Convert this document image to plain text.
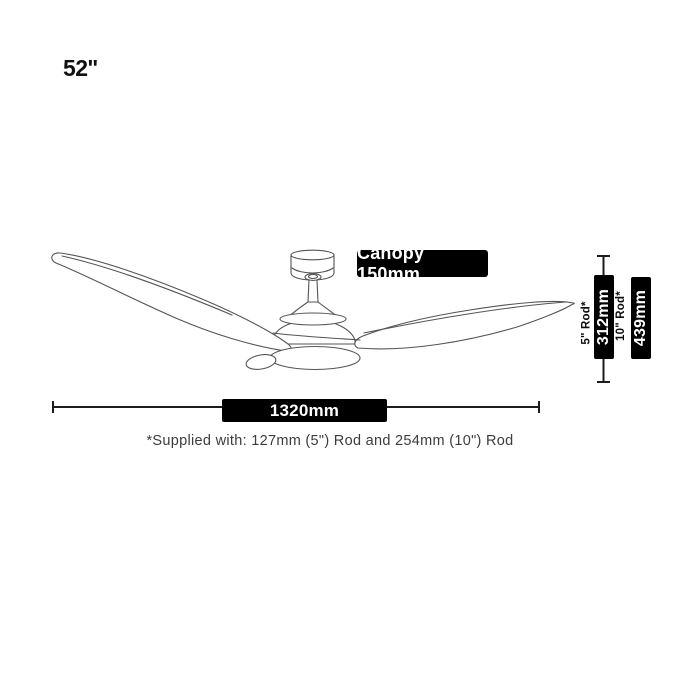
52''
Canopy 150mm
5" Rod* 312mm 10" Rod* 439mm
1320mm
*Supplied with: 127mm (5") Rod and 254mm (10") Rod
